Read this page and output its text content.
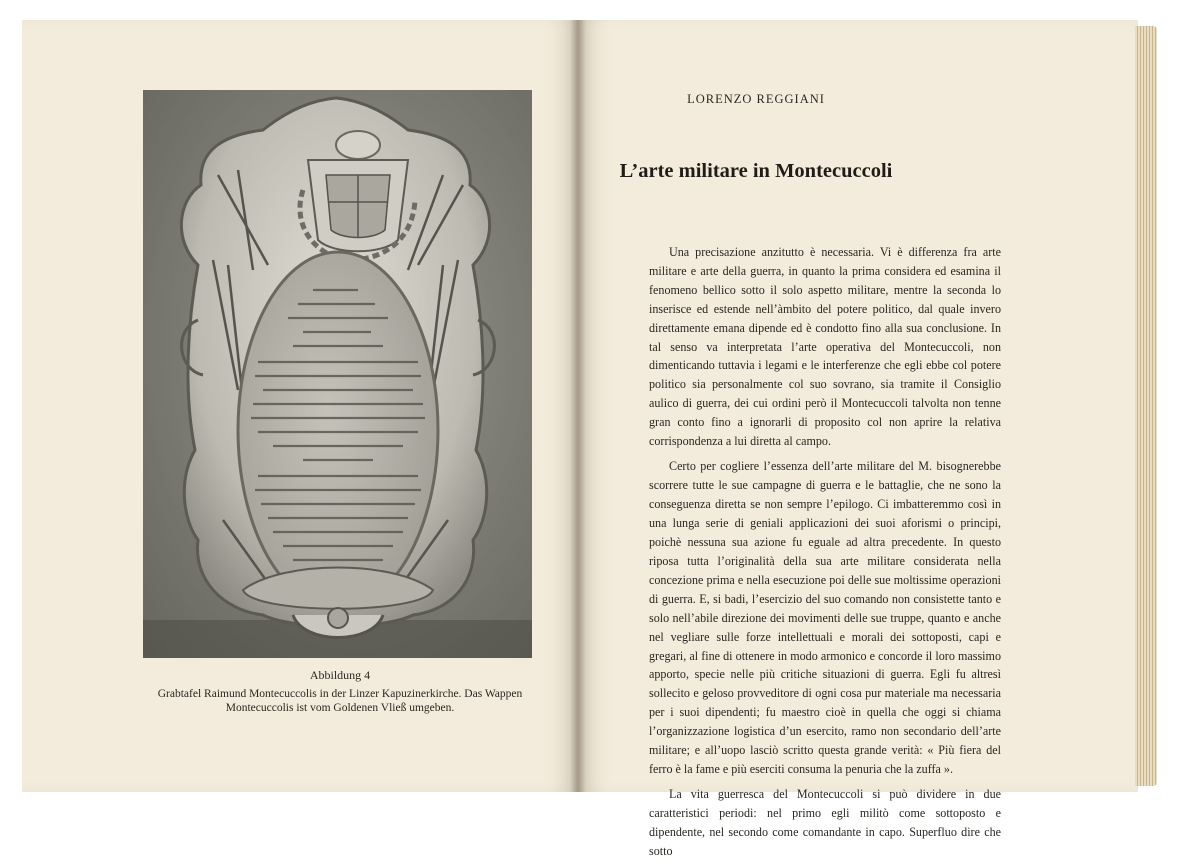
Abbildung 4
Grabtafel Raimund Montecuccolis in der Linzer Kapuzinerkirche. Das Wappen Montecuccolis ist vom Goldenen Vließ umgeben.
LORENZO REGGIANI
L’arte militare in Montecuccoli

Una precisazione anzitutto è necessaria. Vi è differenza fra arte militare e arte della guerra, in quanto la prima considera ed esamina il fenomeno bellico sotto il solo aspetto militare, mentre la seconda lo inserisce ed estende nell’àmbito del potere politico, dal quale invero direttamente emana dipende ed è condotto fino alla sua conclusione. In tal senso va interpretata l’arte operativa del Montecuccoli, non dimenticando tuttavia i legami e le interferenze che egli ebbe col potere politico sia personalmente col suo sovrano, sia tramite il Consiglio aulico di guerra, dei cui ordini però il Montecuccoli talvolta non tenne gran conto fino a ignorarli di proposito col non aprire la relativa corrispondenza a lui diretta al campo.

Certo per cogliere l’essenza dell’arte militare del M. bisognerebbe scorrere tutte le sue campagne di guerra e le battaglie, che ne sono la conseguenza diretta se non sempre l’epilogo. Ci imbatteremmo così in una lunga serie di geniali applicazioni dei suoi aforismi o principi, poichè nessuna sua azione fu eguale ad altra precedente. In questo riposa tutta l’originalità della sua arte militare considerata nella concezione prima e nella esecuzione poi delle sue moltissime operazioni di guerra. E, si badi, l’esercizio del suo comando non consistette tanto e solo nell’abile direzione dei movimenti delle sue truppe, quanto e anche nel vegliare sulle forze intellettuali e morali dei sottoposti, capi e gregari, al fine di ottenere in modo armonico e concorde il loro massimo apporto, specie nelle più critiche situazioni di guerra. Egli fu altresì sollecito e geloso provveditore di ogni cosa pur materiale ma necessaria per i suoi dipendenti; fu maestro cioè in quella che oggi si chiama l’organizzazione logistica d’un esercito, ramo non secondario dell’arte militare; e all’uopo lasciò scritto questa grande verità: « Più fiera del ferro è la fame e più eserciti consuma la penuria che la zuffa ».

La vita guerresca del Montecuccoli si può dividere in due caratteristici periodi: nel primo egli militò come sottoposto e dipendente, nel secondo come comandante in capo. Superfluo dire che sotto
